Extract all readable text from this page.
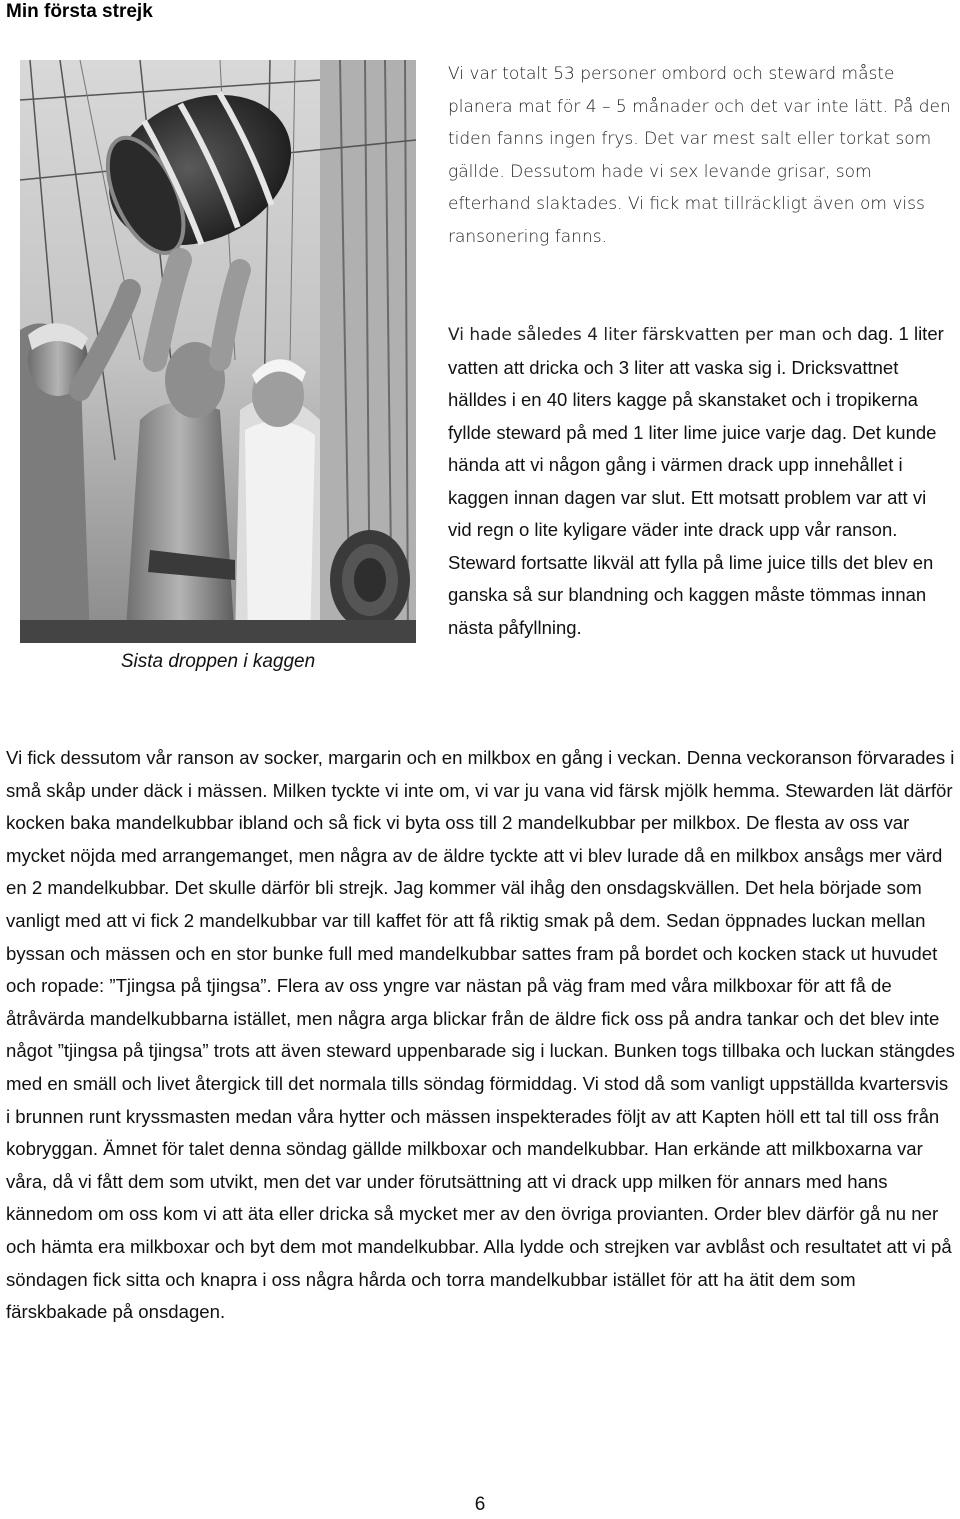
Min första strejk
Sista droppen i kaggen
Vi var totalt 53 personer ombord och steward måste planera mat för 4 – 5 månader och det var inte lätt. På den tiden fanns ingen frys. Det var mest salt eller torkat som gällde. Dessutom hade vi sex levande grisar, som efterhand slaktades. Vi fick mat tillräckligt även om viss ransonering fanns.
Vi hade således 4 liter färskvatten per man och dag. 1 liter vatten att dricka och 3 liter att vaska sig i. Dricksvattnet hälldes i en 40 liters kagge på skanstaket och i tropikerna fyllde steward på med 1 liter lime juice varje dag. Det kunde hända att vi någon gång i värmen drack upp innehållet i kaggen innan dagen var slut. Ett motsatt problem var att vi vid regn o lite kyligare väder inte drack upp vår ranson. Steward fortsatte likväl att fylla på lime juice tills det blev en ganska så sur blandning och kaggen måste tömmas innan nästa påfyllning.

Vi fick dessutom vår ranson av socker, margarin och en milkbox en gång i veckan. Denna veckoranson förvarades i små skåp under däck i mässen. Milken tyckte vi inte om, vi var ju vana vid färsk mjölk hemma. Stewarden lät därför kocken baka mandelkubbar ibland och så fick vi byta oss till 2 mandelkubbar per milkbox. De flesta av oss var mycket nöjda med arrangemanget, men några av de äldre tyckte att vi blev lurade då en milkbox ansågs mer värd en 2 mandelkubbar. Det skulle därför bli strejk. Jag kommer väl ihåg den onsdagskvällen. Det hela började som vanligt med att vi fick 2 mandelkubbar var till kaffet för att få riktig smak på dem. Sedan öppnades luckan mellan byssan och mässen och en stor bunke full med mandelkubbar sattes fram på bordet och kocken stack ut huvudet och ropade: ”Tjingsa på tjingsa”. Flera av oss yngre var nästan på väg fram med våra milkboxar för att få de åtråvärda mandelkubbarna istället, men några arga blickar från de äldre fick oss på andra tankar och det blev inte något ”tjingsa på tjingsa” trots att även steward uppenbarade sig i luckan. Bunken togs tillbaka och luckan stängdes med en smäll och livet återgick till det normala tills söndag förmiddag. Vi stod då som vanligt uppställda kvartersvis i brunnen runt kryssmasten medan våra hytter och mässen inspekterades följt av att Kapten höll ett tal till oss från kobryggan. Ämnet för talet denna söndag gällde milkboxar och mandelkubbar. Han erkände att milkboxarna var våra, då vi fått dem som utvikt, men det var under förutsättning att vi drack upp milken för annars med hans kännedom om oss kom vi att äta eller dricka så mycket mer av den övriga provianten. Order blev därför gå nu ner och hämta era milkboxar och byt dem mot mandelkubbar. Alla lydde och strejken var avblåst och resultatet att vi på söndagen fick sitta och knapra i oss några hårda och torra mandelkubbar istället för att ha ätit dem som färskbakade på onsdagen.

6
